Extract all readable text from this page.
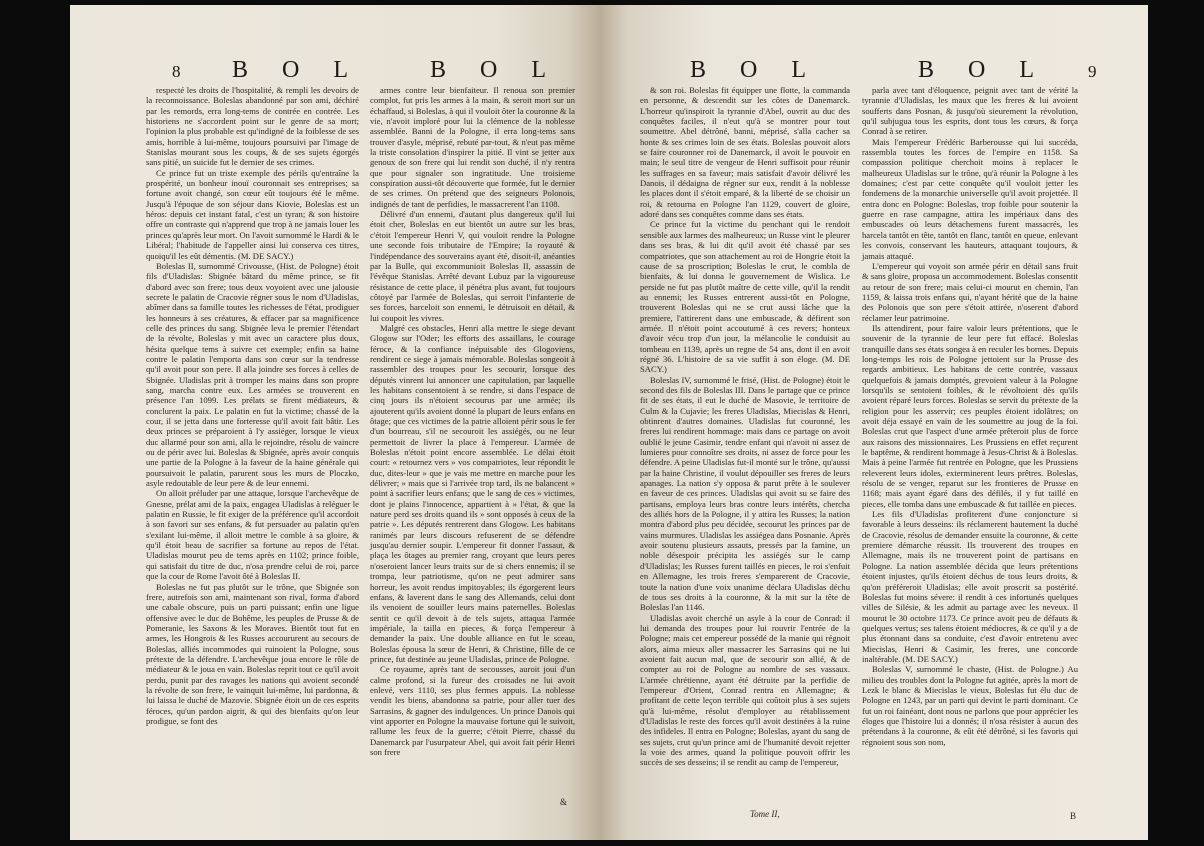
8 B O L	B O L

respecté les droits de l'hospitalité, & rempli les devoirs de la reconnoissance. Boleslas abandonné par son ami, déchiré par les remords, erra long-tems de contrée en contrée. Les historiens ne s'accordent point sur le genre de sa mort; l'opinion la plus probable est qu'indigné de la foiblesse de ses amis, horrible à lui-même, toujours poursuivi par l'image de Stanislas mourant sous les coups, & de ses sujets égorgés sans pitié, un suicide fut le dernier de ses crimes.

Ce prince fut un triste exemple des périls qu'entraîne la prospérité, un bonheur inouï couronnait ses entreprises; sa fortune avoit changé, son cœur eût toujours été le même. Jusqu'à l'époque de son séjour dans Kiovie, Boleslas est un héros: depuis cet instant fatal, c'est un tyran; & son histoire offre un contraste qui n'apprend que trop à ne jamais louer les princes qu'après leur mort. On l'avoit surnommé le Hardi & le Libéral; l'habitude de l'appeller ainsi lui conserva ces titres, quoiqu'il les eût démentis. (M. DE SACY.)

Boleslas II, surnommé Crivousse, (Hist. de Pologne) étoit fils d'Uladislas: Sbignée bâtard du même prince, se fit d'abord avec son frere; tous deux voyoient avec une jalousie secrete le palatin de Cracovie régner sous le nom d'Uladislas, abîmer dans sa famille toutes les richesses de l'état, prodiguer les honneurs à ses créatures, & effacer par sa magnificence celle des princes du sang. Sbignée leva le premier l'étendart de la révolte, Boleslas y mit avec un caractere plus doux, hésita quelque tems à suivre cet exemple; enfin sa haine contre le palatin l'emporta dans son cœur sur la tendresse qu'il avoit pour son pere. Il alla joindre ses forces à celles de Sbignée. Uladislas prit à tromper les mains dans son propre sang, marcha contre eux. Les armées se trouverent en présence l'an 1099. Les prélats se firent médiateurs, & conclurent la paix. Le palatin en fut la victime; chassé de la cour, il se jetta dans une forteresse qu'il avoit fait bâtir. Les deux princes se préparoient à l'y assiéger, lorsque le vieux duc allarmé pour son ami, alla le rejoindre, résolu de vaincre ou de périr avec lui. Boleslas & Sbignée, après avoir conquis une partie de la Pologne à la faveur de la haine générale qui poursuivoit le palatin, parurent sous les murs de Ploczko, asyle redoutable de leur pere & de leur ennemi.

On alloit préluder par une attaque, lorsque l'archevêque de Gnesne, prélat ami de la paix, engagea Uladislas à reléguer le palatin en Russie, le fit exiger de la préférence qu'il accordoit à son favori sur ses enfans, & fut persuader au palatin qu'en s'exilant lui-même, il alloit mettre le comble à sa gloire, & qu'il étoit beau de sacrifier sa fortune au repos de l'état. Uladislas mourut peu de tems après en 1102; prince foible, qui satisfait du titre de duc, n'osa prendre celui de roi, parce que la cour de Rome l'avoit ôté à Boleslas II.

Boleslas ne fut pas plutôt sur le trône, que Sbignée son frere, autrefois son ami, maintenant son rival, forma d'abord une cabale obscure, puis un parti puissant; enfin une ligue offensive avec le duc de Bohême, les peuples de Prusse & de Pomeranie, les Saxons & les Moraves. Bientôt tout fut en armes, les Hongrois & les Russes accoururent au secours de Boleslas, alliés incommodes qui ruinoient la Pologne, sous prétexte de la défendre. L'archevêque joua encore le rôle de médiateur & le joua en vain. Boleslas reprit tout ce qu'il avoit perdu, punit par des ravages les nations qui avoient secondé la révolte de son frere, le vainquit lui-même, lui pardonna, & lui laissa le duché de Mazovie. Sbignée étoit un de ces esprits féroces, qu'un pardon aigrit, & qui des bienfaits qu'on leur prodigue, se font des

armes contre leur bienfaiteur. Il renoua son premier complot, fut pris les armes à la main, & seroit mort sur un échaffaud, si Boleslas, à qui il vouloit ôter la couronne & la vie, n'avoit imploré pour lui la clémence de la noblesse assemblée. Banni de la Pologne, il erra long-tems sans trouver d'asyle, méprisé, rebuté par-tout, & n'eut pas même la triste consolation d'inspirer la pitié. Il vint se jetter aux genoux de son frere qui lui rendit son duché, il n'y rentra que pour signaler son ingratitude. Une troisieme conspiration aussi-tôt découverte que formée, fut le dernier de ses crimes. On prétend que des seigneurs Polonois, indignés de tant de perfidies, le massacrerent l'an 1108.

Délivré d'un ennemi, d'autant plus dangereux qu'il lui étoit cher, Boleslas en eut bientôt un autre sur les bras, c'étoit l'empereur Henri V, qui vouloit rendre la Pologne une seconde fois tributaire de l'Empire; la royauté & l'indépendance des souverains ayant été, disoit-il, anéanties par la Bulle, qui excommunioit Boleslas II, assassin de l'évêque Stanislas. Arrêté devant Lubuz par la vigoureuse résistance de cette place, il pénétra plus avant, fut toujours côtoyé par l'armée de Boleslas, qui serroit l'infanterie de ses forces, harceloit son ennemi, le détruisoit en détail, & lui coupoit les vivres.

Malgré ces obstacles, Henri alla mettre le siege devant Glogow sur l'Oder; les efforts des assaillans, le courage féroce, & la confiance inépuisable des Glogoviens, rendirent ce siege à jamais mémorable. Boleslas songeoit à rassembler des troupes pour les secourir, lorsque des députés vinrent lui annoncer une capitulation, par laquelle les habitans consentoient à se rendre, si dans l'espace de cinq jours ils n'étoient secourus par une armée; ils ajouterent qu'ils avoient donné la plupart de leurs enfans en ôtage; que ces victimes de la patrie alloient périr sous le fer d'un bourreau, s'il ne secouroit les assiégés, ou ne leur permettoit de livrer la place à l'empereur. L'armée de Boleslas n'étoit point encore assemblée. Le délai étoit court: « retournez vers » vos compatriotes, leur répondit le duc, dites-leur » que je vais me mettre en marche pour les délivrer; » mais que si l'arrivée trop tard, ils ne balancent » point à sacrifier leurs enfans; que le sang de ces » victimes, dont je plains l'innocence, appartient à » l'état, & que la nature perd ses droits quand ils » sont opposés à ceux de la patrie ». Les députés rentrerent dans Glogow. Les habitans ranimés par leurs discours refuserent de se défendre jusqu'au dernier soupir. L'empereur fit donner l'assaut, & plaça les ôtages au premier rang, croyant que leurs peres n'oseroient lancer leurs traits sur de si chers ennemis; il se trompa, leur patriotisme, qu'on ne peut admirer sans horreur, les avoit rendus impitoyables; ils égorgerent leurs enfans, & laverent dans le sang des Allemands, celui dont ils venoient de souiller leurs mains paternelles. Boleslas sentit ce qu'il devoit à de tels sujets, attaqua l'armée impériale, la tailla en pieces, & força l'empereur à demander la paix. Une double alliance en fut le sceau, Boleslas épousa la sœur de Henri, & Christine, fille de ce prince, fut destinée au jeune Uladislas, prince de Pologne.

Ce royaume, après tant de secousses, auroit joui d'un calme profond, si la fureur des croisades ne lui avoit enlevé, vers 1110, ses plus fermes appuis. La noblesse vendit les biens, abandonna sa patrie, pour aller tuer des Sarrasins, & gagner des indulgences. Un prince Danois qui vint apporter en Pologne la mauvaise fortune qui le suivoit, rallume les feux de la guerre; c'étoit Pierre, chassé du Danemarck par l'usurpateur Abel, qui avoit fait périr Henri son frere

&
B O L	B O L 9

& son roi. Boleslas fit équipper une flotte, la commanda en personne, & descendit sur les côtes de Danemarck. L'horreur qu'inspiroit la tyrannie d'Abel, ouvrit au duc des conquêtes faciles, il n'eut qu'à se montrer pour tout soumettre. Abel détrôné, banni, méprisé, s'alla cacher sa honte & ses crimes loin de ses états. Boleslas pouvoit alors se faire couronner roi de Danemarck, il avoit le pouvoir en main; le seul titre de vengeur de Henri suffisoit pour réunir les suffrages en sa faveur; mais satisfait d'avoir délivré les Danois, il dédaigna de régner sur eux, rendit à la noblesse les places dont il s'étoit emparé, & la liberté de se choisir un roi, & retourna en Pologne l'an 1129, couvert de gloire, adoré dans ses conquêtes comme dans ses états.

Ce prince fut la victime du penchant qui le rendoit sensible aux larmes des malheureux; un Russe vint le pleurer dans ses bras, & lui dit qu'il avoit été chassé par ses compatriotes, que son attachement au roi de Hongrie étoit la cause de sa proscription; Boleslas le crut, le combla de bienfaits, & lui donna le gouvernement de Wislica. Le perside ne fut pas plutôt maître de cette ville, qu'il la rendit au ennemi; les Russes entrerent aussi-tôt en Pologne, trouverent Boleslas qui ne se crut aussi lâche que la premiere, l'attirerent dans une embuscade, & défirent son armée. Il n'étoit point accoutumé à ces revers; honteux d'avoir vécu trop d'un jour, la mélancolie le conduisit au tombeau en 1139, après un regne de 54 ans, dont il en avoit régné 36. L'histoire de sa vie suffit à son éloge. (M. DE SACY.)

Boleslas IV, surnommé le frisé, (Hist. de Pologne) étoit le second des fils de Boleslas III. Dans le partage que ce prince fit de ses états, il eut le duché de Masovie, le territoire de Culm & la Cujavie; les freres Uladislas, Miecislas & Henri, obtinrent d'autres domaines. Uladislas fut couronné, les freres lui rendirent hommage: mais dans ce partage on avoit oublié le jeune Casimir, tendre enfant qui n'avoit ni assez de lumieres pour connoître ses droits, ni assez de force pour les défendre. A peine Uladislas fut-il monté sur le trône, qu'aussi par la haine Christine, il voulut dépouiller ses freres de leurs apanages. La nation s'y opposa & parut prête à le soulever en faveur de ces princes. Uladislas qui avoit su se faire des partisans, employa leurs bras contre leurs intérêts, chercha des alliés hors de la Pologne, il y attira les Russes; la nation montra d'abord plus peu décidée, secourut les princes par de vains murmures. Uladislas les assiégea dans Posnanie. Après avoir soutenu plusieurs assauts, pressés par la famine, un noble désespoir précipita les assiégés sur le camp d'Uladislas; les Russes furent taillés en pieces, le roi s'enfuit en Allemagne, les trois freres s'emparerent de Cracovie, toute la nation d'une voix unanime déclara Uladislas déchu de tous ses droits à la couronne, & la mit sur la tête de Boleslas l'an 1146.

Uladislas avoit cherché un asyle à la cour de Conrad: il lui demanda des troupes pour lui rouvrir l'entrée de la Pologne; mais cet empereur possédé de la manie qui régnoit alors, aima mieux aller massacrer les Sarrasins qui ne lui avoient fait aucun mal, que de secourir son allié, & de compter au roi de Pologne au nombre de ses vassaux. L'armée chrétienne, ayant été détruite par la perfidie de l'empereur d'Orient, Conrad rentra en Allemagne; & profitant de cette leçon terrible qui coûtoit plus à ses sujets qu'à lui-même, résolut d'employer au rétablissement d'Uladislas le reste des forces qu'il avoit destinées à la ruine des infideles. Il entra en Pologne; Boleslas, ayant du sang de ses sujets, crut qu'un prince ami de l'humanité devoit rejetter la voie des armes, quand la politique pouvoit offrir les succès de ses desseins; il se rendit au camp de l'empereur,

parla avec tant d'éloquence, peignit avec tant de vérité la tyrannie d'Uladislas, les maux que les freres & lui avoient soufferts dans Posnan, & jusqu'où sieurement la révolution, qu'il subjugua tous les esprits, dont tous les cœurs, & força Conrad à se retirer.

Mais l'empereur Frédéric Barberousse qui lui succéda, rassembla toutes les forces de l'empire en 1158. Sa compassion politique cherchoit moins à replacer le malheureux Uladislas sur le trône, qu'à réunir la Pologne à les domaines; c'est par cette conquête qu'il vouloit jetter les fondemens de la monarchie universelle qu'il avoit projettée. Il entra donc en Pologne: Boleslas, trop foible pour soutenir la guerre en rase campagne, attira les impériaux dans des embuscades où leurs détachemens furent massacrés, les harcela tantôt en tête, tantôt en flanc, tantôt en queue, enlevant les convois, conservant les hauteurs, attaquant toujours, & jamais attaqué.

L'empereur qui voyoit son armée périr en détail sans fruit & sans gloire, proposa un accommodement. Boleslas consentit au retour de son frere; mais celui-ci mourut en chemin, l'an 1159, & laissa trois enfans qui, n'ayant hérité que de la haine des Polonois que son pere s'étoit attirée, n'oserent d'abord réclamer leur patrimoine.

Ils attendirent, pour faire valoir leurs prétentions, que le souvenir de la tyrannie de leur pere fut effacé. Boleslas tranquille dans ses états songea à en reculer les bornes. Depuis long-temps les rois de Pologne jettoient sur la Prusse des regards ambitieux. Les habitans de cette contrée, vassaux quelquefois & jamais domptés, grevoient valeur à la Pologne lorsqu'ils se sentoient foibles, & le révoltoient dès qu'ils avoient réparé leurs forces. Boleslas se servit du prétexte de la religion pour les asservir; ces peuples étoient idolâtres; on avoit déja essayé en vain de les soumettre au joug de la foi. Boleslas crut que l'aspect d'une armée prêteroit plus de force aux raisons des missionnaires. Les Prussiens en effet reçurent le baptême, & rendirent hommage à Jesus-Christ & à Boleslas. Mais à peine l'armée fut rentrée en Pologne, que les Prussiens releverent leurs idoles, exterminerent leurs prêtres. Boleslas, résolu de se venger, reparut sur les frontieres de Prusse en 1168; mais ayant égaré dans des défilés, il y fut taillé en pieces, elle tomba dans une embuscade & fut taillée en pieces.

Les fils d'Uladislas profiterent d'une conjoncture si favorable à leurs desseins: ils réclamerent hautement la duché de Cracovie, résolus de demander ensuite la couronne, & cette premiere démarche réussit. Ils trouverent des troupes en Allemagne, mais ils ne trouverent point de partisans en Pologne. La nation assemblée décida que leurs prétentions étoient injustes, qu'ils étoient déchus de tous leurs droits, & qu'on préféreroit Uladislas; elle avoit proscrit sa postérité. Boleslas fut moins sévere: il rendit à ces infortunés quelques villes de Silésie, & les admit au partage avec les neveux. Il mourut le 30 octobre 1173. Ce prince avoit peu de défauts & quelques vertus; ses talens étoient médiocres, & ce qu'il y a de plus étonnant dans sa conduite, c'est d'avoir entretenu avec Miecislas, Henri & Casimir, les freres, une concorde inaltérable. (M. DE SACY.)

Boleslas V, surnommé le chaste, (Hist. de Pologne.) Au milieu des troubles dont la Pologne fut agitée, après la mort de Lezk le blanc & Miecislas le vieux, Boleslas fut élu duc de Pologne en 1243, par un parti qui devint le parti dominant. Ce fut un roi fainéant, dont nous ne parlons que pour apprécier les éloges que l'histoire lui a donnés; il n'osa résister à aucun des prétendans à la couronne, & eût été détrôné, si les favoris qui régnoient sous son nom,

Tome II,	B
